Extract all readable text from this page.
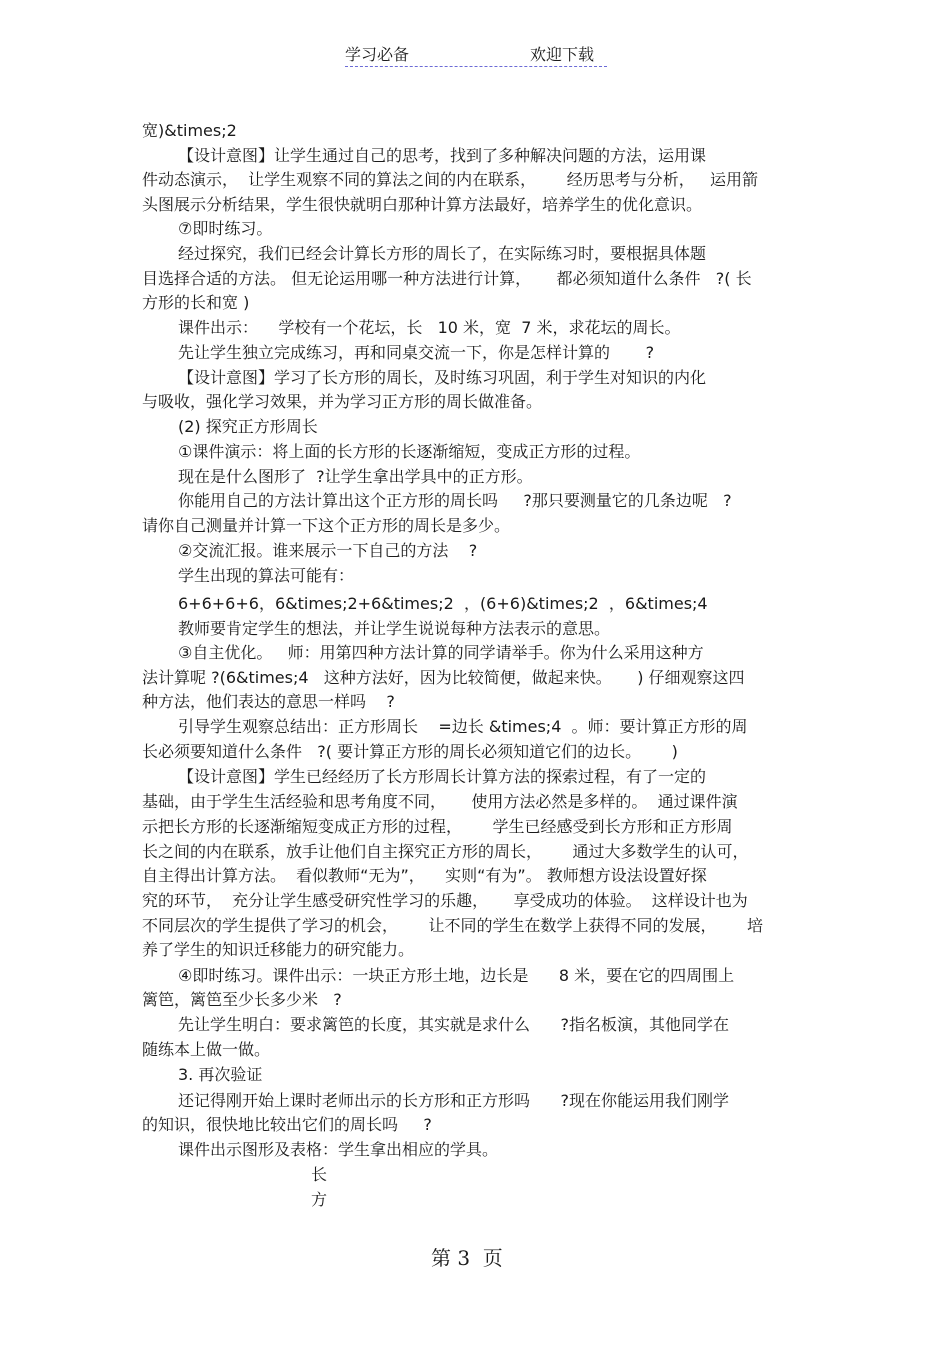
学习必备	欢迎下载
宽)&times;2
【设计意图】让学生通过自己的思考，找到了多种解决问题的方法，运用课
件动态演示，  让学生观察不同的算法之间的内在联系，      经历思考与分析，   运用箭
头图展示分析结果，学生很快就明白那种计算方法最好，培养学生的优化意识。
⑦即时练习。
经过探究，我们已经会计算长方形的周长了，在实际练习时，要根据具体题
目选择合适的方法。 但无论运用哪一种方法进行计算，     都必须知道什么条件   ?( 长
方形的长和宽 )
课件出示：    学校有一个花坛，长   10 米，宽  7 米，求花坛的周长。
先让学生独立完成练习，再和同桌交流一下，你是怎样计算的       ?
【设计意图】学习了长方形的周长，及时练习巩固，利于学生对知识的内化
与吸收，强化学习效果，并为学习正方形的周长做准备。
(2) 探究正方形周长
①课件演示：将上面的长方形的长逐渐缩短，变成正方形的过程。
现在是什么图形了  ?让学生拿出学具中的正方形。
你能用自己的方法计算出这个正方形的周长吗     ?那只要测量它的几条边呢   ?
请你自己测量并计算一下这个正方形的周长是多少。
②交流汇报。谁来展示一下自己的方法    ?
学生出现的算法可能有：
6+6+6+6，6&times;2+6&times;2  ，(6+6)&times;2  ，6&times;4
教师要肯定学生的想法，并让学生说说每种方法表示的意思。
③自主优化。   师：用第四种方法计算的同学请举手。你为什么采用这种方
法计算呢 ?(6&times;4   这种方法好，因为比较简便，做起来快。     ) 仔细观察这四
种方法，他们表达的意思一样吗    ?
引导学生观察总结出：正方形周长    =边长 &times;4  。师：要计算正方形的周
长必须要知道什么条件   ?( 要计算正方形的周长必须知道它们的边长。      )
【设计意图】学生已经经历了长方形周长计算方法的探索过程，有了一定的
基础，由于学生生活经验和思考角度不同，     使用方法必然是多样的。  通过课件演
示把长方形的长逐渐缩短变成正方形的过程，      学生已经感受到长方形和正方形周
长之间的内在联系，放手让他们自主探究正方形的周长，      通过大多数学生的认可，
自主得出计算方法。  看似教师“无为”，    实则“有为”。 教师想方设法设置好探
究的环节，  充分让学生感受研究性学习的乐趣，     享受成功的体验。  这样设计也为
不同层次的学生提供了学习的机会，      让不同的学生在数学上获得不同的发展，      培
养了学生的知识迁移能力的研究能力。
④即时练习。课件出示：一块正方形土地，边长是      8 米，要在它的四周围上
篱笆，篱笆至少长多少米   ?
先让学生明白：要求篱笆的长度，其实就是求什么      ?指名板演，其他同学在
随练本上做一做。
3. 再次验证
还记得刚开始上课时老师出示的长方形和正方形吗      ?现在你能运用我们刚学
的知识，很快地比较出它们的周长吗     ?
课件出示图形及表格：学生拿出相应的学具。
长
方
第 3  页
